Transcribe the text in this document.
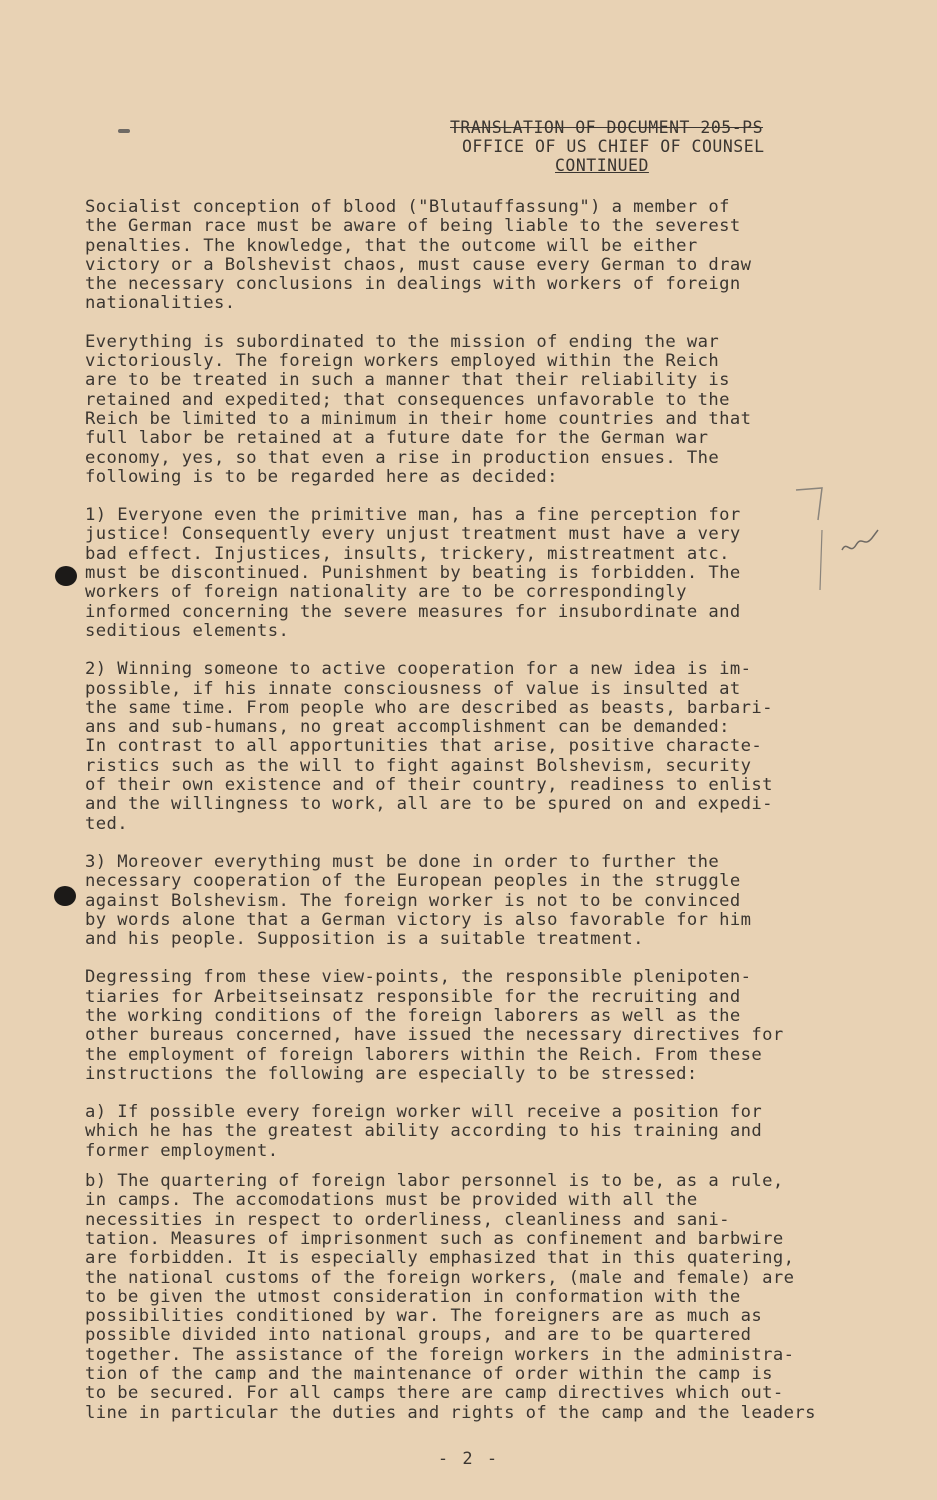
TRANSLATION OF DOCUMENT 205-PS
OFFICE OF US CHIEF OF COUNSEL
CONTINUED
Socialist conception of blood ("Blutauffassung") a member of
the German race must be aware of being liable to the severest
penalties. The knowledge, that the outcome will be either
victory or a Bolshevist chaos, must cause every German to draw
the necessary conclusions in dealings with workers of foreign
nationalities.
Everything is subordinated to the mission of ending the war
victoriously. The foreign workers employed within the Reich
are to be treated in such a manner that their reliability is
retained and expedited; that consequences unfavorable to the
Reich be limited to a minimum in their home countries and that
full labor be retained at a future date for the German war
economy, yes, so that even a rise in production ensues. The
following is to be regarded here as decided:
1) Everyone even the primitive man, has a fine perception for
justice! Consequently every unjust treatment must have a very
bad effect. Injustices, insults, trickery, mistreatment atc.
must be discontinued. Punishment by beating is forbidden. The
workers of foreign nationality are to be correspondingly
informed concerning the severe measures for insubordinate and
seditious elements.
2) Winning someone to active cooperation for a new idea is im-
possible, if his innate consciousness of value is insulted at
the same time. From people who are described as beasts, barbari-
ans and sub-humans, no great accomplishment can be demanded:
In contrast to all apportunities that arise, positive characte-
ristics such as the will to fight against Bolshevism, security
of their own existence and of their country, readiness to enlist
and the willingness to work, all are to be spured on and expedi-
ted.
3) Moreover everything must be done in order to further the
necessary cooperation of the European peoples in the struggle
against Bolshevism. The foreign worker is not to be convinced
by words alone that a German victory is also favorable for him
and his people. Supposition is a suitable treatment.
Degressing from these view-points, the responsible plenipoten-
tiaries for Arbeitseinsatz responsible for the recruiting and
the working conditions of the foreign laborers as well as the
other bureaus concerned, have issued the necessary directives for
the employment of foreign laborers within the Reich. From these
instructions the following are especially to be stressed:
a) If possible every foreign worker will receive a position for
which he has the greatest ability according to his training and
former employment.
b) The quartering of foreign labor personnel is to be, as a rule,
in camps. The accomodations must be provided with all the
necessities in respect to orderliness, cleanliness and sani-
tation. Measures of imprisonment such as confinement and barbwire
are forbidden. It is especially emphasized that in this quatering,
the national customs of the foreign workers, (male and female) are
to be given the utmost consideration in conformation with the
possibilities conditioned by war. The foreigners are as much as
possible divided into national groups, and are to be quartered
together. The assistance of the foreign workers in the administra-
tion of the camp and the maintenance of order within the camp is
to be secured. For all camps there are camp directives which out-
line in particular the duties and rights of the camp and the leaders
- 2 -
